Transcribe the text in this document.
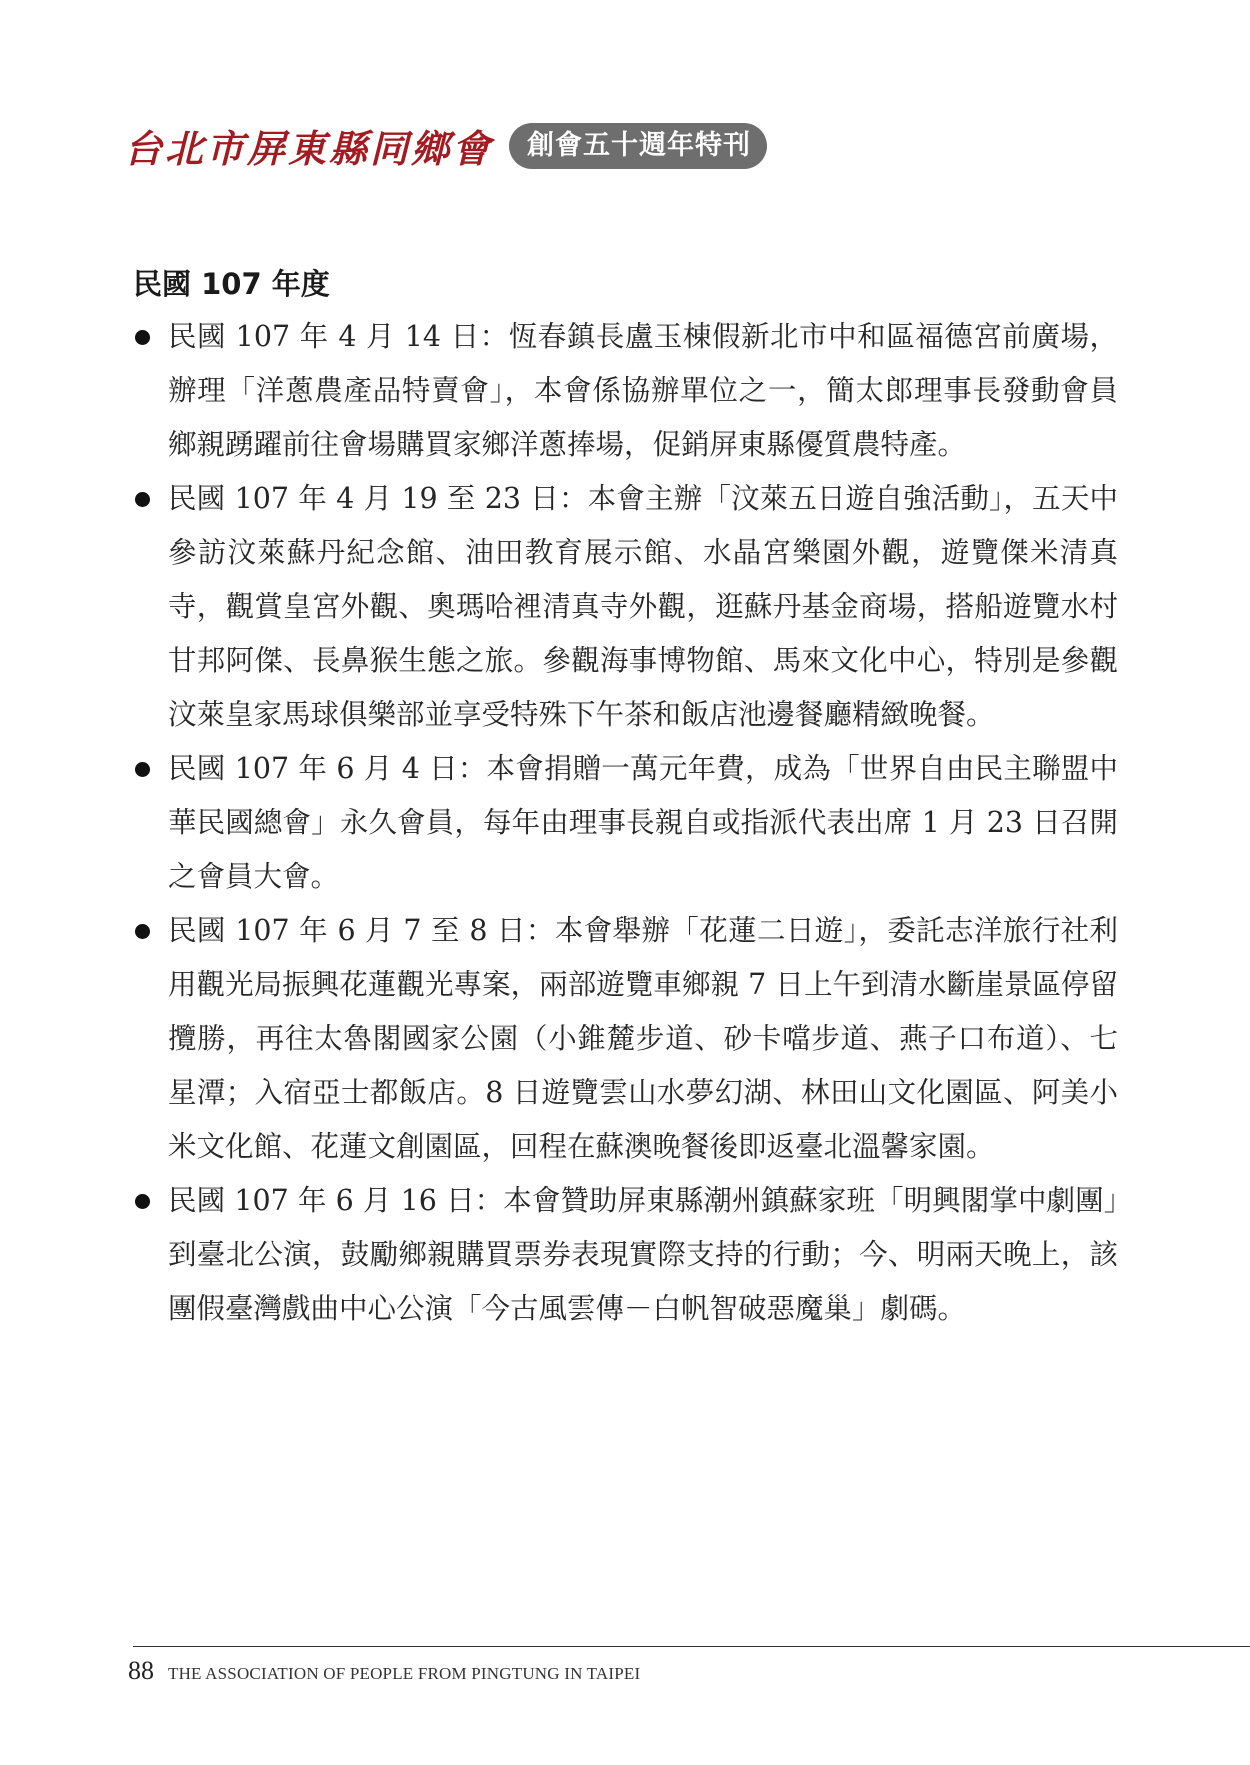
台北市屏東縣同鄉會	創會五十週年特刊
民國 107 年度
民國 107 年 4 月 14 日：恆春鎮長盧玉棟假新北市中和區福德宮前廣場，辦理「洋蔥農產品特賣會」，本會係協辦單位之一，簡太郎理事長發動會員鄉親踴躍前往會場購買家鄉洋蔥捧場，促銷屏東縣優質農特產。
民國 107 年 4 月 19 至 23 日：本會主辦「汶萊五日遊自強活動」，五天中參訪汶萊蘇丹紀念館、油田教育展示館、水晶宮樂園外觀，遊覽傑米清真寺，觀賞皇宮外觀、奧瑪哈裡清真寺外觀，逛蘇丹基金商場，搭船遊覽水村甘邦阿傑、長鼻猴生態之旅。參觀海事博物館、馬來文化中心，特別是參觀汶萊皇家馬球俱樂部並享受特殊下午茶和飯店池邊餐廳精緻晚餐。
民國 107 年 6 月 4 日：本會捐贈一萬元年費，成為「世界自由民主聯盟中華民國總會」永久會員，每年由理事長親自或指派代表出席 1 月 23 日召開之會員大會。
民國 107 年 6 月 7 至 8 日：本會舉辦「花蓮二日遊」，委託志洋旅行社利用觀光局振興花蓮觀光專案，兩部遊覽車鄉親 7 日上午到清水斷崖景區停留攬勝，再往太魯閣國家公園（小錐麓步道、砂卡噹步道、燕子口布道）、七星潭；入宿亞士都飯店。8 日遊覽雲山水夢幻湖、林田山文化園區、阿美小米文化館、花蓮文創園區，回程在蘇澳晚餐後即返臺北溫馨家園。
民國 107 年 6 月 16 日：本會贊助屏東縣潮州鎮蘇家班「明興閣掌中劇團」到臺北公演，鼓勵鄉親購買票券表現實際支持的行動；今、明兩天晚上，該團假臺灣戲曲中心公演「今古風雲傳－白帆智破惡魔巢」劇碼。
88 THE ASSOCIATION OF PEOPLE FROM PINGTUNG IN TAIPEI
